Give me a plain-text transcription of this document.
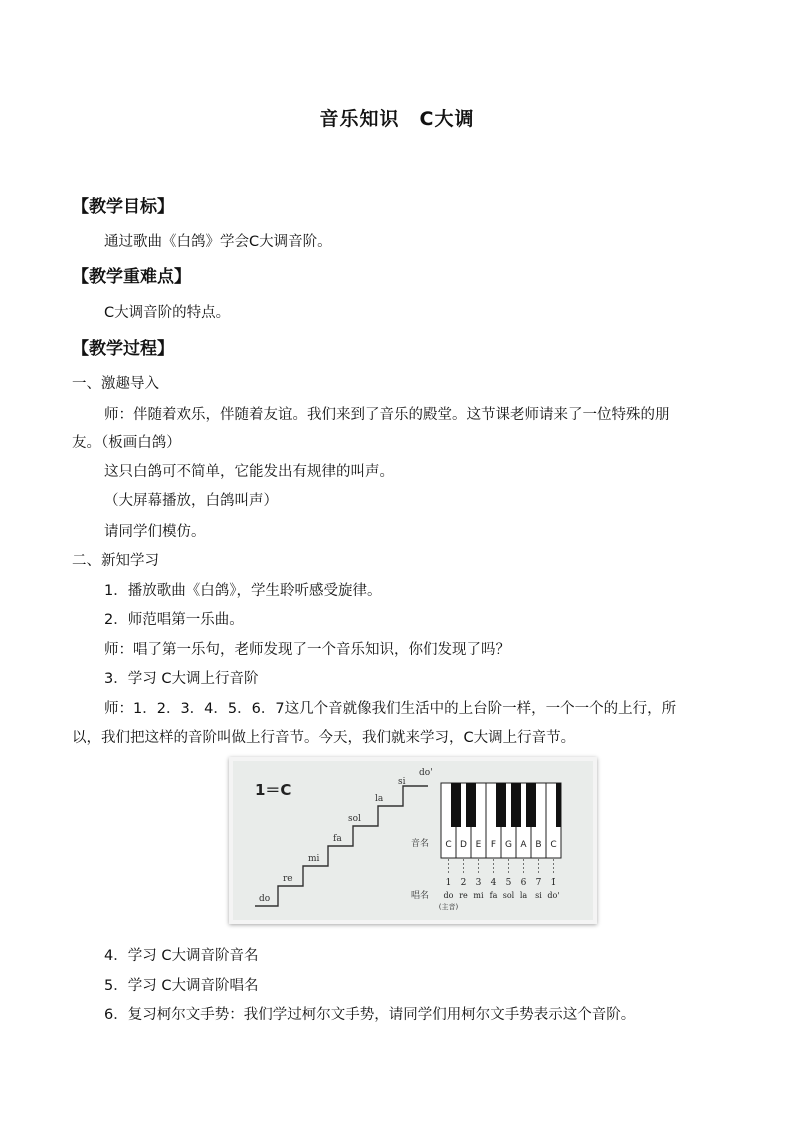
音乐知识　C大调
【教学目标】
通过歌曲《白鸽》学会C大调音阶。
【教学重难点】
C大调音阶的特点。
【教学过程】
一、激趣导入
师：伴随着欢乐，伴随着友谊。我们来到了音乐的殿堂。这节课老师请来了一位特殊的朋
友。（板画白鸽）
这只白鸽可不简单，它能发出有规律的叫声。
（大屏幕播放，白鸽叫声）
请同学们模仿。
二、新知学习
1．播放歌曲《白鸽》，学生聆听感受旋律。
2．师范唱第一乐曲。
师：唱了第一乐句，老师发现了一个音乐知识，你们发现了吗？
3．学习 C大调上行音阶
师：1．2．3．4．5．6．7这几个音就像我们生活中的上台阶一样，一个一个的上行，所
以，我们把这样的音阶叫做上行音节。今天，我们就来学习，C大调上行音节。
1＝C
do
re
mi
fa
sol
la
si
do'
音名
唱名
C D E F G A B C
1 2 3 4 5 6 7 1̇
do re mi fa sol la si do'
(主音)
4．学习 C大调音阶音名
5．学习 C大调音阶唱名
6．复习柯尔文手势：我们学过柯尔文手势，请同学们用柯尔文手势表示这个音阶。
